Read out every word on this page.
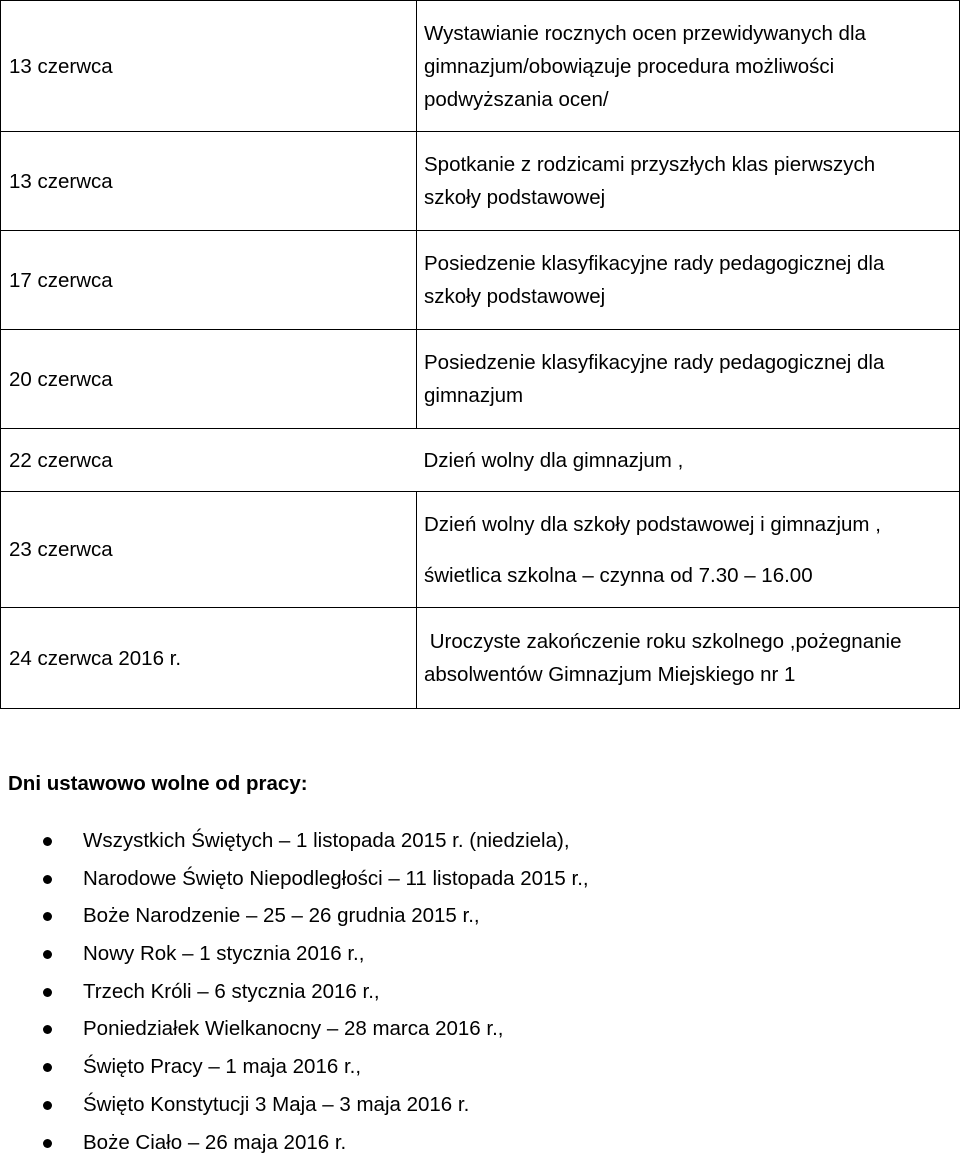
13 czerwca	Wystawianie rocznych ocen przewidywanych dla
gimnazjum/obowiązuje procedura możliwości
podwyższania ocen/

13 czerwca	Spotkanie z rodzicami przyszłych klas pierwszych
szkoły podstawowej

17 czerwca	Posiedzenie klasyfikacyjne rady pedagogicznej dla
szkoły podstawowej

20 czerwca	Posiedzenie klasyfikacyjne rady pedagogicznej dla
gimnazjum

22 czerwca	Dzień wolny dla gimnazjum ,

23 czerwca	Dzień wolny dla szkoły podstawowej i gimnazjum ,
świetlica szkolna – czynna od 7.30 – 16.00

24 czerwca 2016 r.	Uroczyste zakończenie roku szkolnego ,pożegnanie
absolwentów Gimnazjum Miejskiego nr 1
Dni ustawowo wolne od pracy:
Wszystkich Świętych – 1 listopada 2015 r. (niedziela),
Narodowe Święto Niepodległości – 11 listopada 2015 r.,
Boże Narodzenie – 25 – 26 grudnia 2015 r.,
Nowy Rok – 1 stycznia 2016 r.,
Trzech Króli – 6 stycznia 2016 r.,
Poniedziałek Wielkanocny – 28 marca 2016 r.,
Święto Pracy – 1 maja 2016 r.,
Święto Konstytucji 3 Maja – 3 maja 2016 r.
Boże Ciało – 26 maja 2016 r.
